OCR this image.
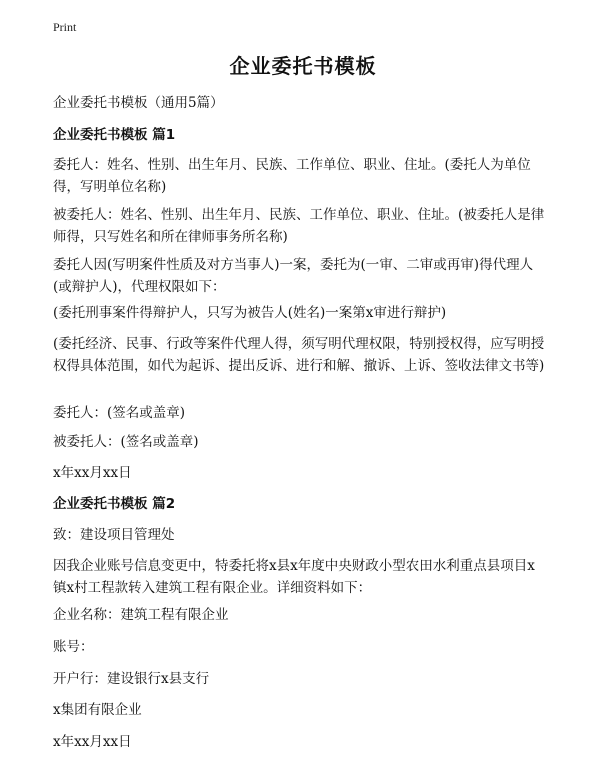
Print
企业委托书模板

企业委托书模板（通用5篇）

企业委托书模板 篇1

委托人：姓名、性别、出生年月、民族、工作单位、职业、住址。(委托人为单位得，写明单位名称)

被委托人：姓名、性别、出生年月、民族、工作单位、职业、住址。(被委托人是律师得，只写姓名和所在律师事务所名称)

委托人因(写明案件性质及对方当事人)一案，委托为(一审、二审或再审)得代理人(或辩护人)，代理权限如下：

(委托刑事案件得辩护人，只写为被告人(姓名)一案第x审进行辩护)

(委托经济、民事、行政等案件代理人得，须写明代理权限，特别授权得，应写明授权得具体范围，如代为起诉、提出反诉、进行和解、撤诉、上诉、签收法律文书等)

委托人：(签名或盖章)

被委托人：(签名或盖章)

x年xx月xx日

企业委托书模板 篇2

致：建设项目管理处

因我企业账号信息变更中，特委托将x县x年度中央财政小型农田水利重点县项目x镇x村工程款转入建筑工程有限企业。详细资料如下：

企业名称：建筑工程有限企业

账号：

开户行：建设银行x县支行

x集团有限企业

x年xx月xx日
